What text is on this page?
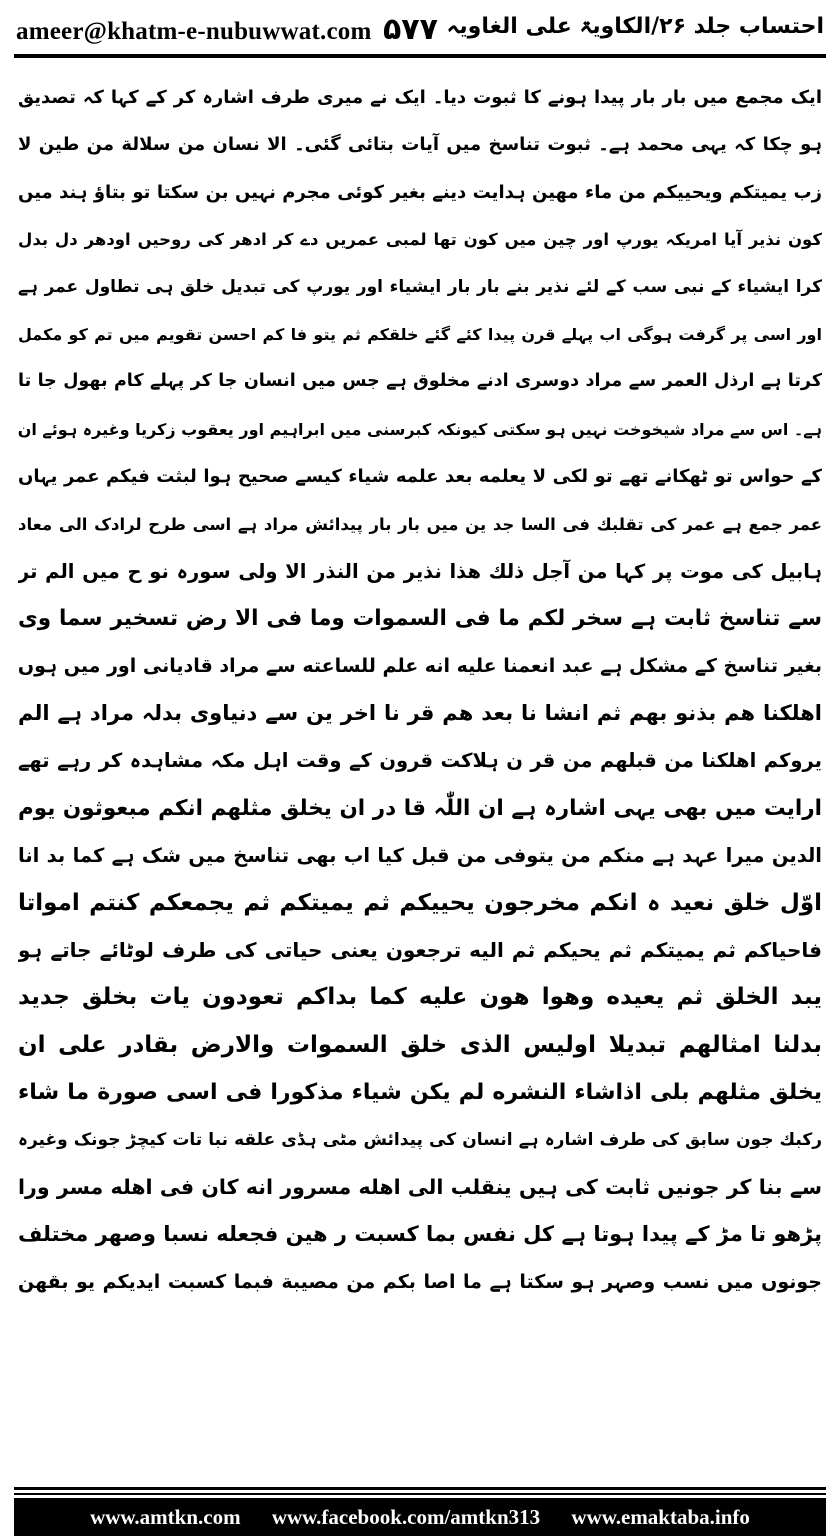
ameer@khatm-e-nubuwwat.com ۵۷۷ احتساب جلد ۲۶/الکاویۃ علی الغاویہ
ایک مجمع میں بار بار پیدا ہونے کا ثبوت دیا۔ ایک نے میری طرف اشارہ کر کے کہا کہ تصدیق
ہو چکا کہ یہی محمد ہے۔ ثبوت تناسخ میں آیات بتائی گئی۔ الا نسان من سلالة من طین لا
زب یمیتکم ویحییکم من ماء مھین ہدایت دینے بغیر کوئی مجرم نہیں بن سکتا تو بتاؤ ہند میں
کون نذیر آیا امریکہ یورپ اور چین میں کون تھا لمبی عمریں دے کر ادھر کی روحیں اودھر دل بدل
کرا ایشیاء کے نبی سب کے لئے نذیر بنے بار بار ایشیاء اور یورپ کی تبدیل خلق ہی تطاول عمر ہے
اور اسی پر گرفت ہوگی اب پہلے قرن پیدا کئے گئے خلقکم ثم یتو فا کم احسن تقویم میں تم کو مکمل
کرتا ہے ارذل العمر سے مراد دوسری ادنے مخلوق ہے جس میں انسان جا کر پہلے کام بھول جا تا
ہے۔ اس سے مراد شیخوخت نہیں ہو سکتی کیونکہ کبرسنی میں ابراہیم اور یعقوب زکریا وغیرہ ہوئے ان
کے حواس تو ٹھکانے تھے تو لکی لا یعلمه بعد علمه شیاء کیسے صحیح ہوا لبثت فیکم عمر یہاں
عمر جمع ہے عمر کی تقلبك فی السا جد ین میں بار بار پیدائش مراد ہے اسی طرح لرادک الی معاد
ہابیل کی موت پر کہا من آجل ذلك ھذا نذیر من النذر الا ولی سورہ نو ح میں الم تر
سے تناسخ ثابت ہے سخر لکم ما فی السموات وما فی الا رض تسخیر سما وی
بغیر تناسخ کے مشکل ہے عبد انعمنا علیه انه علم للساعته سے مراد قادیانی اور میں ہوں
اھلکنا ھم بذنو بھم ثم انشا نا بعد ھم قر نا اخر ین سے دنیاوی بدلہ مراد ہے الم
یروکم اھلکنا من قبلھم من قر ن ہلاکت قرون کے وقت اہل مکہ مشاہدہ کر رہے تھے
ارایت میں بھی یہی اشارہ ہے ان اللّٰہ قا در ان یخلق مثلھم انکم مبعوثون یوم
الدین میرا عہد ہے منکم من یتوفی من قبل کیا اب بھی تناسخ میں شک ہے کما بد انا
اوّل خلق نعید ہ انکم مخرجون یحییکم ثم یمیتکم ثم یجمعکم کنتم امواتا
فاحیاکم ثم یمیتکم ثم یحیکم ثم الیه ترجعون یعنی حیاتی کی طرف لوٹائے جاتے ہو
یبد الخلق ثم یعیده وھوا ھون علیه کما بداکم تعودون یات بخلق جدید
بدلنا امثالھم تبدیلا اولیس الذی خلق السموات والارض بقادر علی ان
یخلق مثلھم بلی اذاشاء النشره لم یکن شیاء مذکورا فی اسی صورة ما شاء
رکبك جون سابق کی طرف اشارہ ہے انسان کی پیدائش مٹی ہڈی علقه نبا تات کیچڑ جونک وغیرہ
سے بنا کر جونیں ثابت کی ہیں ینقلب الی اھله مسرور انه کان فی اھله مسر ورا
پڑھو تا مڑ کے پیدا ہوتا ہے کل نفس بما کسبت ر ھین فجعله نسبا وصھر مختلف
جونوں میں نسب وصہر ہو سکتا ہے ما اصا بکم من مصیبة فبما کسبت ایدیکم یو بقھن
www.amtkn.com www.facebook.com/amtkn313 www.emaktaba.info
